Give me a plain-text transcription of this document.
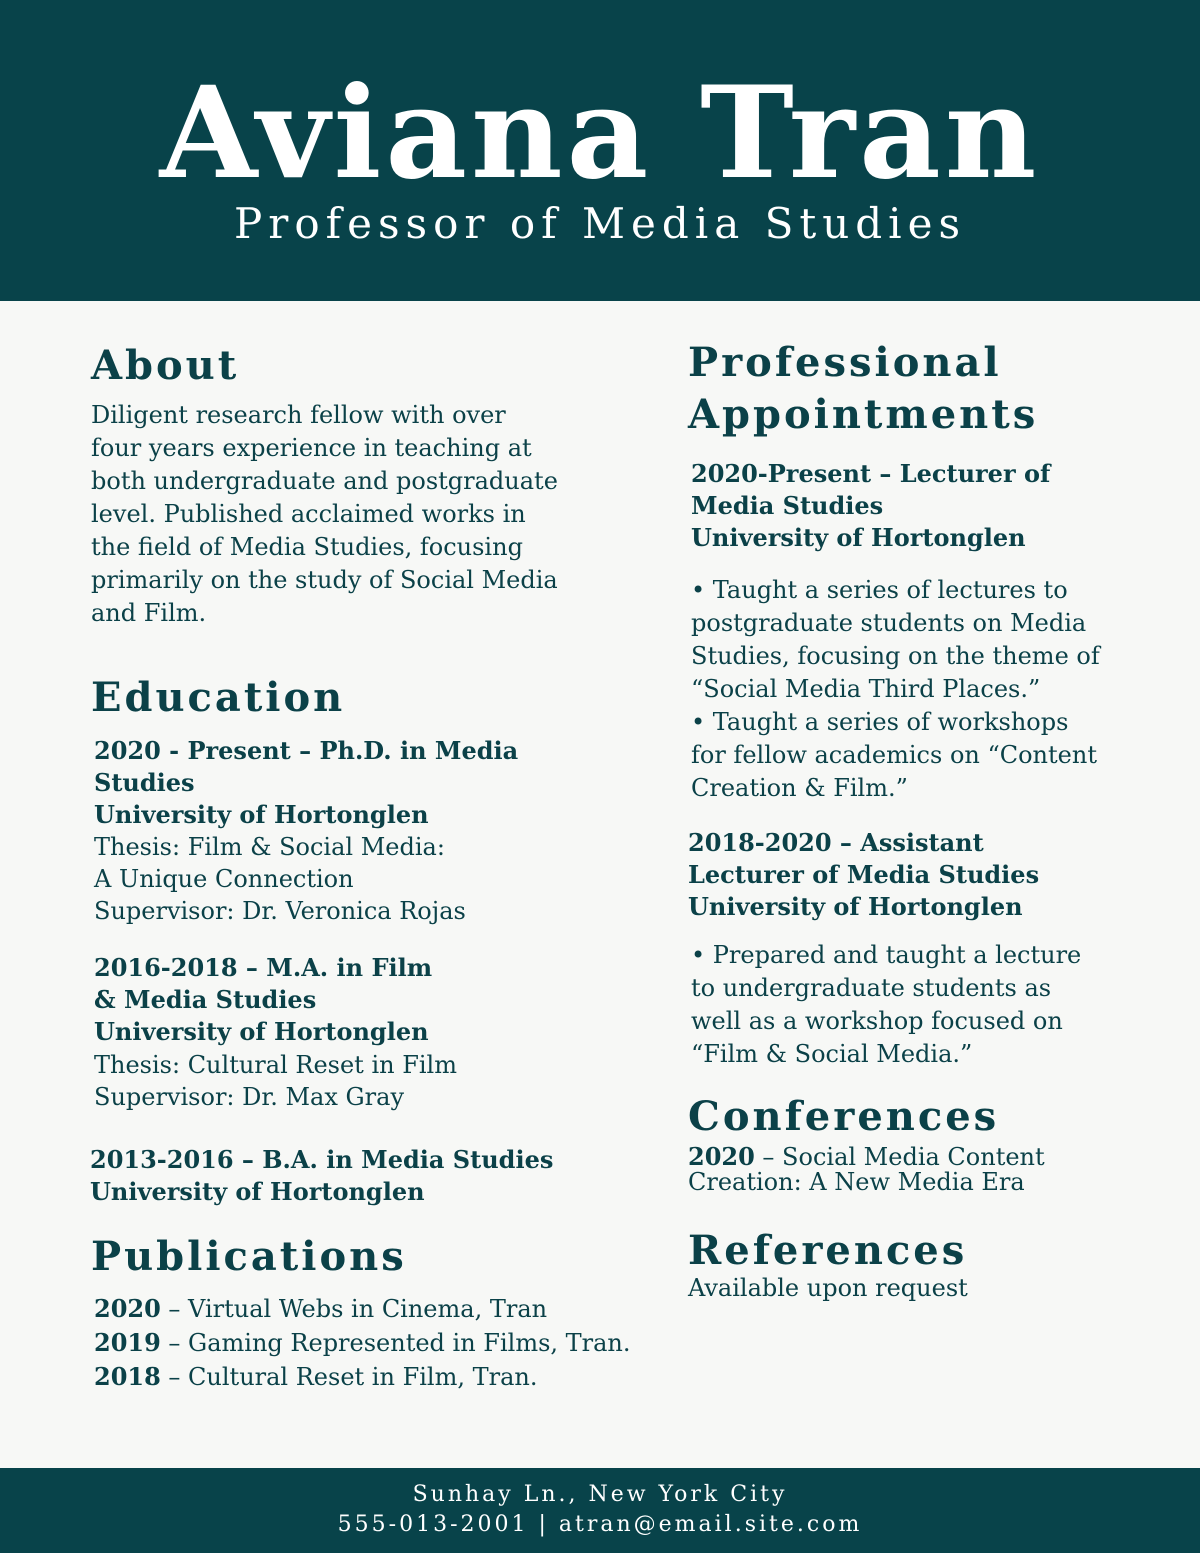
Aviana Tran
Professor of Media Studies
About
Diligent research fellow with over
four years experience in teaching at
both undergraduate and postgraduate
level. Published acclaimed works in
the field of Media Studies, focusing
primarily on the study of Social Media
and Film.
Education
2020 - Present – Ph.D. in Media
Studies
University of Hortonglen
Thesis: Film & Social Media:
A Unique Connection
Supervisor: Dr. Veronica Rojas
2016-2018 – M.A. in Film
& Media Studies
University of Hortonglen
Thesis: Cultural Reset in Film
Supervisor: Dr. Max Gray
2013-2016 – B.A. in Media Studies
University of Hortonglen
Publications
2020 – Virtual Webs in Cinema, Tran
2019 – Gaming Represented in Films, Tran.
2018 – Cultural Reset in Film, Tran.
Professional
Appointments
2020-Present – Lecturer of
Media Studies
University of Hortonglen
• Taught a series of lectures to
postgraduate students on Media
Studies, focusing on the theme of
“Social Media Third Places.”
• Taught a series of workshops
for fellow academics on “Content
Creation & Film.”
2018-2020 – Assistant
Lecturer of Media Studies
University of Hortonglen
• Prepared and taught a lecture
to undergraduate students as
well as a workshop focused on
“Film & Social Media.”
Conferences
2020 – Social Media Content
Creation: A New Media Era
References
Available upon request
Sunhay Ln., New York City
555-013-2001 | atran@email.site.com
